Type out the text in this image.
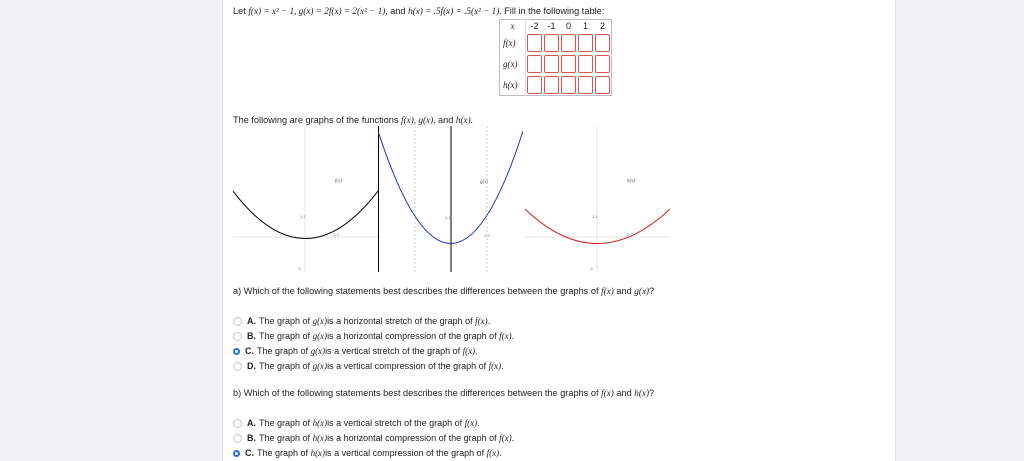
Let f(x) = x² − 1, g(x) = 2f(x) = 2(x² − 1), and h(x) = .5f(x) = .5(x² − 1). Fill in the following table:
x	-2	-1	0	1	2
f(x)					
g(x)					
h(x)					
The following are graphs of the functions f(x), g(x), and h(x).
f(x)
1,1
2,3
-3
g(x)
1,1
2,3
h(x)
1,1
2,3
-3
a) Which of the following statements best describes the differences between the graphs of f(x) and g(x)?
A. The graph of
g(x) is a horizontal stretch of the graph of
f(x) .
B. The graph of
g(x) is a horizontal compression of the graph of
f(x) .
C. The graph of
g(x) is a vertical stretch of the graph of
f(x) .
D. The graph of
g(x) is a vertical compression of the graph of
f(x) .
b) Which of the following statements best describes the differences between the graphs of f(x) and h(x)?
A. The graph of
h(x) is a vertical stretch of the graph of
f(x) .
B. The graph of
h(x) is a horizontal compression of the graph of
f(x) .
C. The graph of
h(x) is a vertical compression of the graph of
f(x) .
